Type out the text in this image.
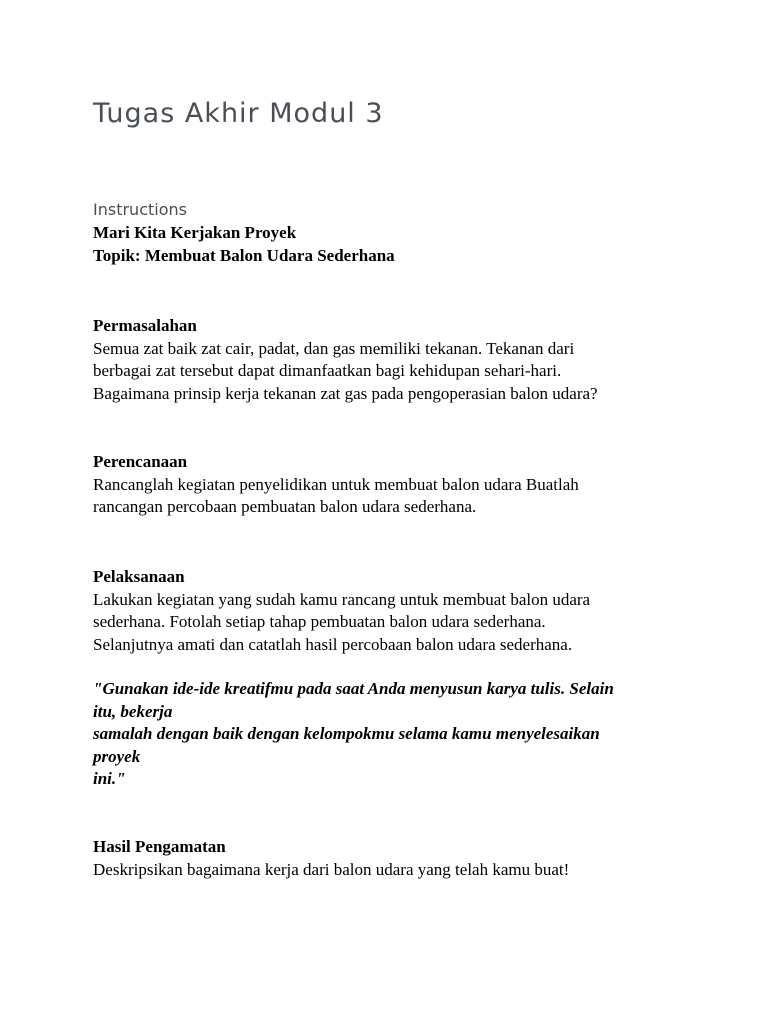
Tugas Akhir Modul 3
Instructions
Mari Kita Kerjakan Proyek
Topik: Membuat Balon Udara Sederhana
Permasalahan
Semua zat baik zat cair, padat, dan gas memiliki tekanan. Tekanan dari
berbagai zat tersebut dapat dimanfaatkan bagi kehidupan sehari-hari.
Bagaimana prinsip kerja tekanan zat gas pada pengoperasian balon udara?
Perencanaan
Rancanglah kegiatan penyelidikan untuk membuat balon udara Buatlah
rancangan percobaan pembuatan balon udara sederhana.
Pelaksanaan
Lakukan kegiatan yang sudah kamu rancang untuk membuat balon udara
sederhana. Fotolah setiap tahap pembuatan balon udara sederhana.
Selanjutnya amati dan catatlah hasil percobaan balon udara sederhana.
"Gunakan ide-ide kreatifmu pada saat Anda menyusun karya tulis. Selain
itu, bekerja
samalah dengan baik dengan kelompokmu selama kamu menyelesaikan
proyek
ini."
Hasil Pengamatan
Deskripsikan bagaimana kerja dari balon udara yang telah kamu buat!
